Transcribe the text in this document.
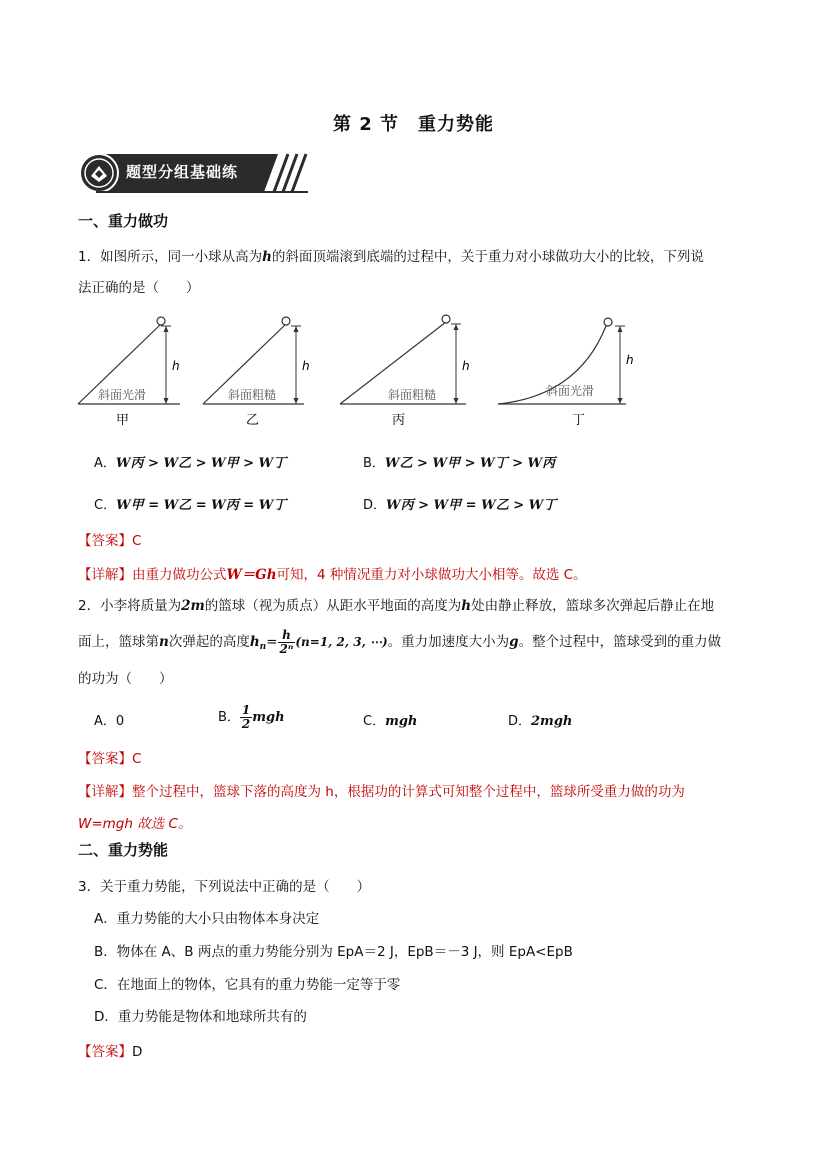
第 2 节　重力势能
题型分组基础练
一、重力做功
1．如图所示，同一小球从高为h的斜面顶端滚到底端的过程中，关于重力对小球做功大小的比较，下列说
法正确的是（　　）
h
斜面光滑
甲
h
斜面粗糙
乙
h
斜面粗糙
丙
h
斜面光滑
丁
A．W丙 > W乙 > W甲 > W丁	B．W乙 > W甲 > W丁 > W丙
C．W甲 = W乙 = W丙 = W丁	D．W丙 > W甲 = W乙 > W丁
【答案】C
【详解】由重力做功公式W＝Gh可知，4 种情况重力对小球做功大小相等。故选 C。
2．小李将质量为2m的篮球（视为质点）从距水平地面的高度为h处由静止释放，篮球多次弹起后静止在地
面上，篮球第n次弹起的高度$h_n= \frac{h}{\text{2ⁿ}} (n=1$, 2, 3, ⋯)。重力加速度大小为g。整个过程中，篮球受到的重力做
的功为（　　）
A．0	B． $\frac{1}{2}$ mgh	C．mgh	D．2mgh
【答案】C
【详解】整个过程中，篮球下落的高度为 h，根据功的计算式可知整个过程中，篮球所受重力做的功为
W=mgh 故选 C。
二、重力势能
3．关于重力势能，下列说法中正确的是（　　）
A．重力势能的大小只由物体本身决定
B．物体在 A、B 两点的重力势能分别为 EpA＝2 J，EpB＝－3 J，则 EpA<EpB
C．在地面上的物体，它具有的重力势能一定等于零
D．重力势能是物体和地球所共有的
【答案】D
